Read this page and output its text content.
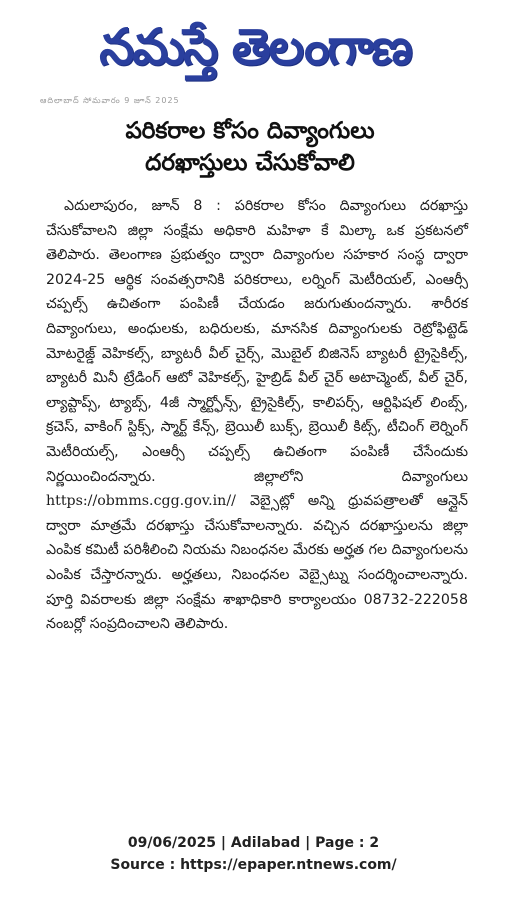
నమస్తే తెలంగాణ
ఆదిలాబాద్ సోమవారం 9 జూన్ 2025
పరికరాల కోసం దివ్యాంగులు
దరఖాస్తులు చేసుకోవాలి

ఎదులాపురం, జూన్ 8 : పరికరాల కోసం దివ్యాంగులు దరఖాస్తు చేసుకోవాలని జిల్లా సంక్షేమ అధికారి మహిళా కే మిల్కా ఒక ప్రకటనలో తెలిపారు. తెలంగాణ ప్రభుత్వం ద్వారా దివ్యాంగుల సహకార సంస్థ ద్వారా 2024-25 ఆర్థిక సంవత్సరానికి పరికరాలు, లర్నింగ్ మెటీరియల్, ఎంఆర్సీ చప్పల్స్ ఉచితంగా పంపిణీ చేయడం జరుగుతుందన్నారు. శారీరక దివ్యాంగులు, అంధులకు, బధిరులకు, మానసిక దివ్యాంగులకు రెట్రోఫిట్టెడ్ మోటరైజ్డ్ వెహికల్స్, బ్యాటరీ వీల్ చైర్స్, మొబైల్ బిజినెస్ బ్యాటరీ ట్రైసైకిల్స్, బ్యాటరీ మినీ ట్రేడింగ్ ఆటో వెహికల్స్, హైబ్రిడ్ వీల్ చైర్ అటాచ్మెంట్, వీల్ చైర్, ల్యాప్టాప్స్, ట్యాబ్స్, 4జీ స్మార్ట్ఫోన్స్, ట్రైసైకిల్స్, కాలిపర్స్, ఆర్టిఫిషల్ లింబ్స్, క్రచెస్, వాకింగ్ స్టిక్స్, స్మార్ట్ కేన్స్, బ్రెయిలీ బుక్స్, బ్రెయిలీ కిట్స్, టీచింగ్ లెర్నింగ్ మెటీరియల్స్, ఎంఆర్సీ చప్పల్స్ ఉచితంగా పంపిణీ చేసేందుకు నిర్ణయించిందన్నారు. జిల్లాలోని దివ్యాంగులు https://obmms.cgg.gov.in// వెబ్సైట్లో అన్ని ధ్రువపత్రాలతో ఆన్లైన్ ద్వారా మాత్రమే దరఖాస్తు చేసుకోవాలన్నారు. వచ్చిన దరఖాస్తులను జిల్లా ఎంపిక కమిటీ పరిశీలించి నియమ నిబంధనల మేరకు అర్హత గల దివ్యాంగులను ఎంపిక చేస్తారన్నారు. అర్హతలు, నిబంధనల వెబ్సైట్ను సందర్శించాలన్నారు. పూర్తి వివరాలకు జిల్లా సంక్షేమ శాఖాధికారి కార్యాలయం 08732-222058 నంబర్లో సంప్రదించాలని తెలిపారు.

09/06/2025 | Adilabad | Page : 2
Source : https://epaper.ntnews.com/
